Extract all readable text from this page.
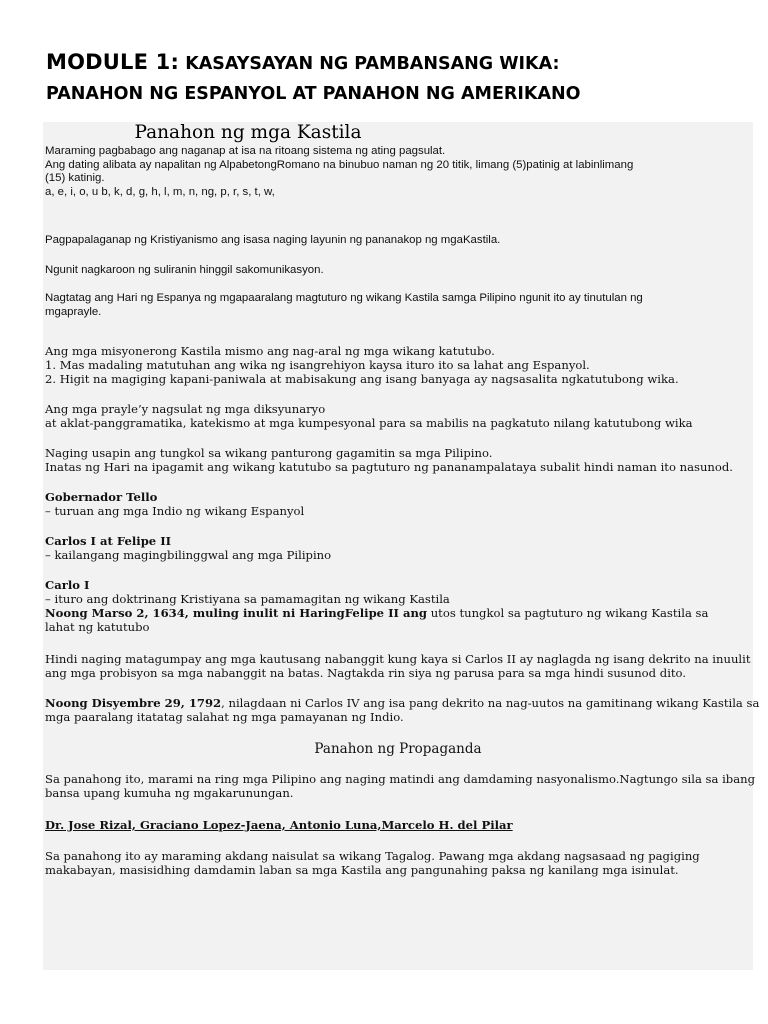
MODULE 1: KASAYSAYAN NG PAMBANSANG WIKA:
PANAHON NG ESPANYOL AT PANAHON NG AMERIKANO
Panahon ng mga Kastila
Maraming pagbabago ang naganap at isa na ritoang sistema ng ating pagsulat.
Ang dating alibata ay napalitan ng AlpabetongRomano na binubuo naman ng 20 titik, limang (5)patinig at labinlimang
(15) katinig.
a, e, i, o, u b, k, d, g, h, l, m, n, ng, p, r, s, t, w,
Pagpapalaganap ng Kristiyanismo ang isasa naging layunin ng pananakop ng mgaKastila.
Ngunit nagkaroon ng suliranin hinggil sakomunikasyon.
Nagtatag ang Hari ng Espanya ng mgapaaralang magtuturo ng wikang Kastila samga Pilipino ngunit ito ay tinutulan ng
mgaprayle.
Ang mga misyonerong Kastila mismo ang nag-aral ng mga wikang katutubo.
1. Mas madaling matutuhan ang wika ng isangrehiyon kaysa ituro ito sa lahat ang Espanyol.
2. Higit na magiging kapani-paniwala at mabisakung ang isang banyaga ay nagsasalita ngkatutubong wika.
Ang mga prayle’y nagsulat ng mga diksyunaryo
at aklat-panggramatika, katekismo at mga kumpesyonal para sa mabilis na pagkatuto nilang katutubong wika
Naging usapin ang tungkol sa wikang panturong gagamitin sa mga Pilipino.
Inatas ng Hari na ipagamit ang wikang katutubo sa pagtuturo ng pananampalataya subalit hindi naman ito nasunod.
Gobernador Tello
– turuan ang mga Indio ng wikang Espanyol
Carlos I at Felipe II
– kailangang magingbilinggwal ang mga Pilipino
Carlo I
– ituro ang doktrinang Kristiyana sa pamamagitan ng wikang Kastila
Noong Marso 2, 1634, muling inulit ni HaringFelipe II ang utos tungkol sa pagtuturo ng wikang Kastila sa
lahat ng katutubo
Hindi naging matagumpay ang mga kautusang nabanggit kung kaya si Carlos II ay naglagda ng isang dekrito na inuulit
ang mga probisyon sa mga nabanggit na batas. Nagtakda rin siya ng parusa para sa mga hindi susunod dito.
Noong Disyembre 29, 1792, nilagdaan ni Carlos IV ang isa pang dekrito na nag-uutos na gamitinang wikang Kastila sa
mga paaralang itatatag salahat ng mga pamayanan ng Indio.
Panahon ng Propaganda
Sa panahong ito, marami na ring mga Pilipino ang naging matindi ang damdaming nasyonalismo.Nagtungo sila sa ibang
bansa upang kumuha ng mgakarunungan.
Dr. Jose Rizal, Graciano Lopez-Jaena, Antonio Luna,Marcelo H. del Pilar
Sa panahong ito ay maraming akdang naisulat sa wikang Tagalog. Pawang mga akdang nagsasaad ng pagiging
makabayan, masisidhing damdamin laban sa mga Kastila ang pangunahing paksa ng kanilang mga isinulat.
